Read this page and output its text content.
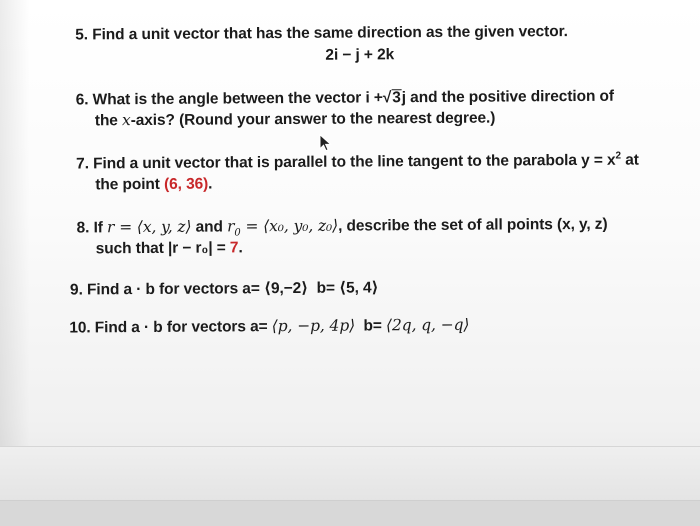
5. Find a unit vector that has the same direction as the given vector.
2i − j + 2k
6. What is the angle between the vector i +√3j and the positive direction of
the x-axis? (Round your answer to the nearest degree.)
7. Find a unit vector that is parallel to the line tangent to the parabola $y = x^2$ at
the point (6, 36).
8. If r = ⟨x, y, z⟩ and $r_0$ = ⟨x₀, y₀, z₀⟩, describe the set of all points (x, y, z)
such that |r − r₀| = 7.
9. Find a · b for vectors a= ⟨9,−2⟩  b= ⟨5, 4⟩
10. Find a · b for vectors a= ⟨p, −p, 4p⟩  b= ⟨2q, q, −q⟩
